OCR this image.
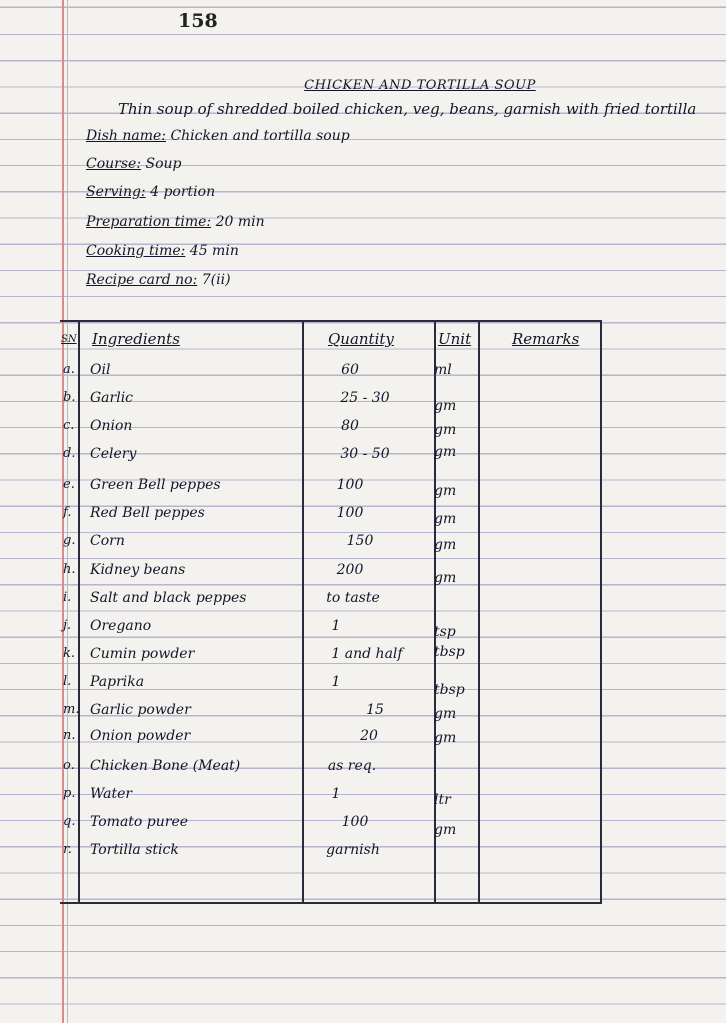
158
CHICKEN AND TORTILLA SOUP
Thin soup of shredded boiled chicken, veg, beans, garnish with fried tortilla
Dish name: Chicken and tortilla soup
Course: Soup
Serving: 4 portion
Preparation time: 20 min
Cooking time: 45 min
Recipe card no: 7(ii)
SN Ingredients	Quantity	Unit	Remarks
a.	Oil	60	ml
b.	Garlic	25 - 30	gm
c.	Onion	80	gm
d.	Celery	30 - 50	gm
e.	Green Bell peppes	100	gm
f.	Red Bell peppes	100	gm
g.	Corn	150	gm
h.	Kidney beans	200	gm
i.	Salt and black peppes	to taste
j.	Oregano	1	tsp
k.	Cumin powder	1 and half	tbsp
l.	Paprika	1	tbsp
m. Garlic powder	15	gm
n.	Onion powder	20	gm
o.	Chicken Bone (Meat)	as req.
p.	Water	1	ltr
q.	Tomato puree	100	gm
r.	Tortilla stick	garnish
